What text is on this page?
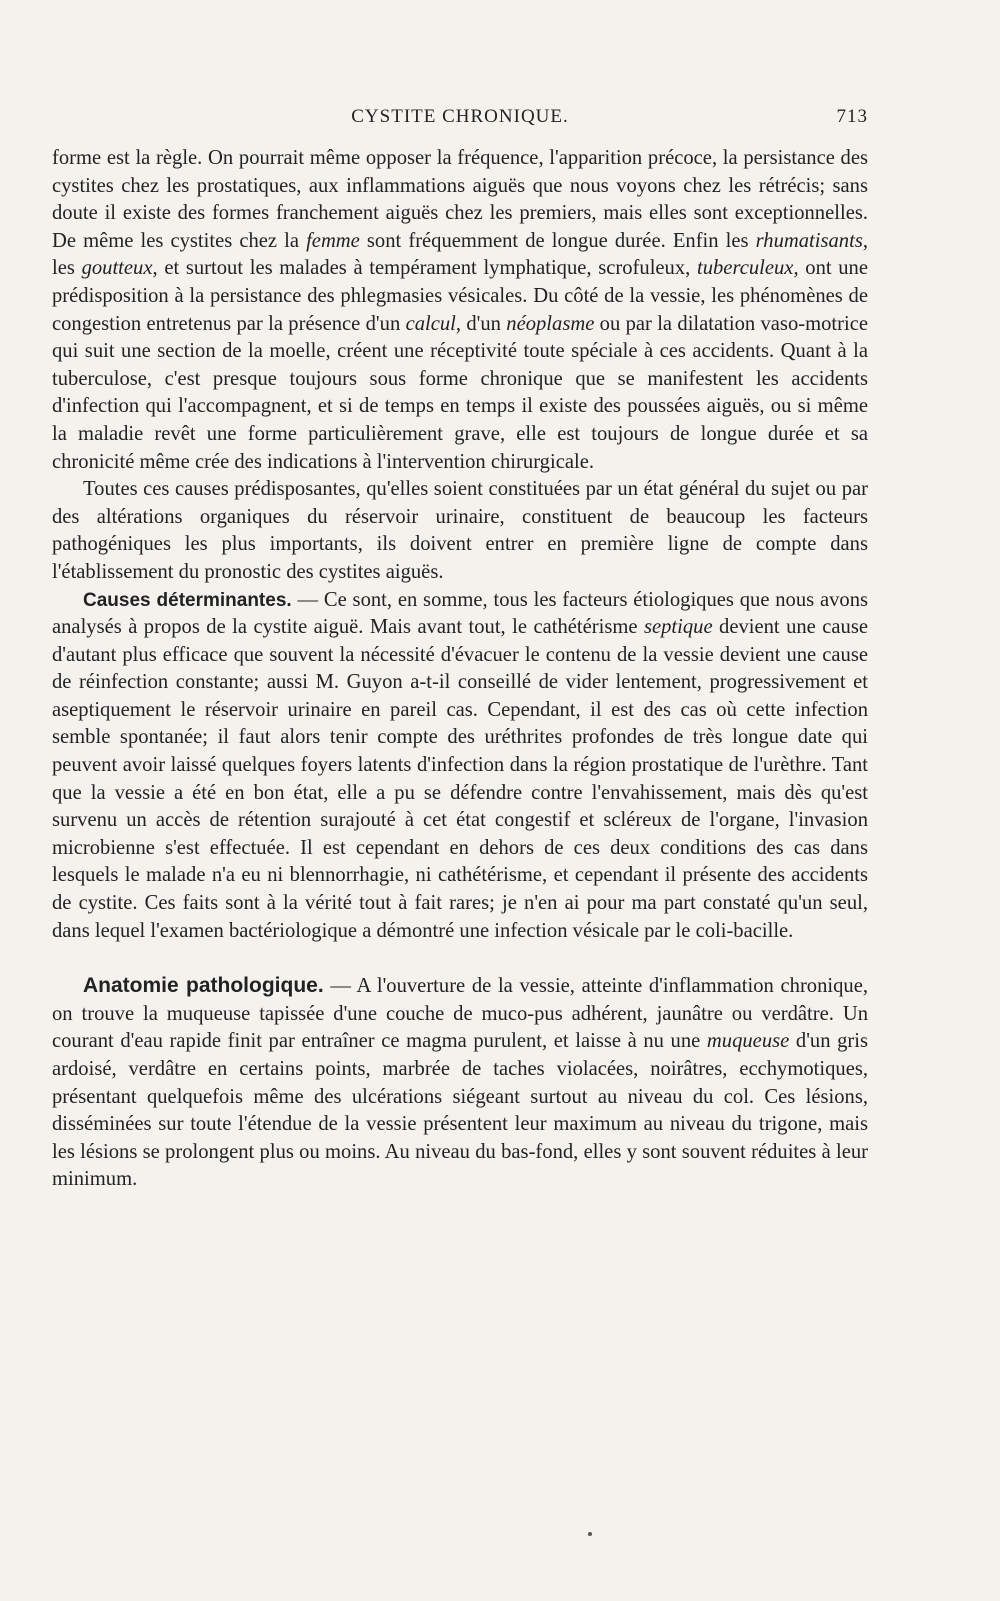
CYSTITE CHRONIQUE.	713

forme est la règle. On pourrait même opposer la fréquence, l'apparition précoce, la persistance des cystites chez les prostatiques, aux inflammations aiguës que nous voyons chez les rétrécis; sans doute il existe des formes franchement aiguës chez les premiers, mais elles sont exceptionnelles. De même les cystites chez la femme sont fréquemment de longue durée. Enfin les rhumatisants, les goutteux, et surtout les malades à tempérament lymphatique, scrofuleux, tuberculeux, ont une prédisposition à la persistance des phlegmasies vésicales. Du côté de la vessie, les phénomènes de congestion entretenus par la présence d'un calcul, d'un néoplasme ou par la dilatation vaso-motrice qui suit une section de la moelle, créent une réceptivité toute spéciale à ces accidents. Quant à la tuberculose, c'est presque toujours sous forme chronique que se manifestent les accidents d'infection qui l'accompagnent, et si de temps en temps il existe des poussées aiguës, ou si même la maladie revêt une forme particulièrement grave, elle est toujours de longue durée et sa chronicité même crée des indications à l'intervention chirurgicale.

Toutes ces causes prédisposantes, qu'elles soient constituées par un état général du sujet ou par des altérations organiques du réservoir urinaire, constituent de beaucoup les facteurs pathogéniques les plus importants, ils doivent entrer en première ligne de compte dans l'établissement du pronostic des cystites aiguës.

Causes déterminantes. — Ce sont, en somme, tous les facteurs étiologiques que nous avons analysés à propos de la cystite aiguë. Mais avant tout, le cathétérisme septique devient une cause d'autant plus efficace que souvent la nécessité d'évacuer le contenu de la vessie devient une cause de réinfection constante; aussi M. Guyon a-t-il conseillé de vider lentement, progressivement et aseptiquement le réservoir urinaire en pareil cas. Cependant, il est des cas où cette infection semble spontanée; il faut alors tenir compte des uréthrites profondes de très longue date qui peuvent avoir laissé quelques foyers latents d'infection dans la région prostatique de l'urèthre. Tant que la vessie a été en bon état, elle a pu se défendre contre l'envahissement, mais dès qu'est survenu un accès de rétention surajouté à cet état congestif et scléreux de l'organe, l'invasion microbienne s'est effectuée. Il est cependant en dehors de ces deux conditions des cas dans lesquels le malade n'a eu ni blennorrhagie, ni cathétérisme, et cependant il présente des accidents de cystite. Ces faits sont à la vérité tout à fait rares; je n'en ai pour ma part constaté qu'un seul, dans lequel l'examen bactériologique a démontré une infection vésicale par le coli-bacille.

Anatomie pathologique. — A l'ouverture de la vessie, atteinte d'inflammation chronique, on trouve la muqueuse tapissée d'une couche de muco-pus adhérent, jaunâtre ou verdâtre. Un courant d'eau rapide finit par entraîner ce magma purulent, et laisse à nu une muqueuse d'un gris ardoisé, verdâtre en certains points, marbrée de taches violacées, noirâtres, ecchymotiques, présentant quelquefois même des ulcérations siégeant surtout au niveau du col. Ces lésions, disséminées sur toute l'étendue de la vessie présentent leur maximum au niveau du trigone, mais les lésions se prolongent plus ou moins. Au niveau du bas-fond, elles y sont souvent réduites à leur minimum.
